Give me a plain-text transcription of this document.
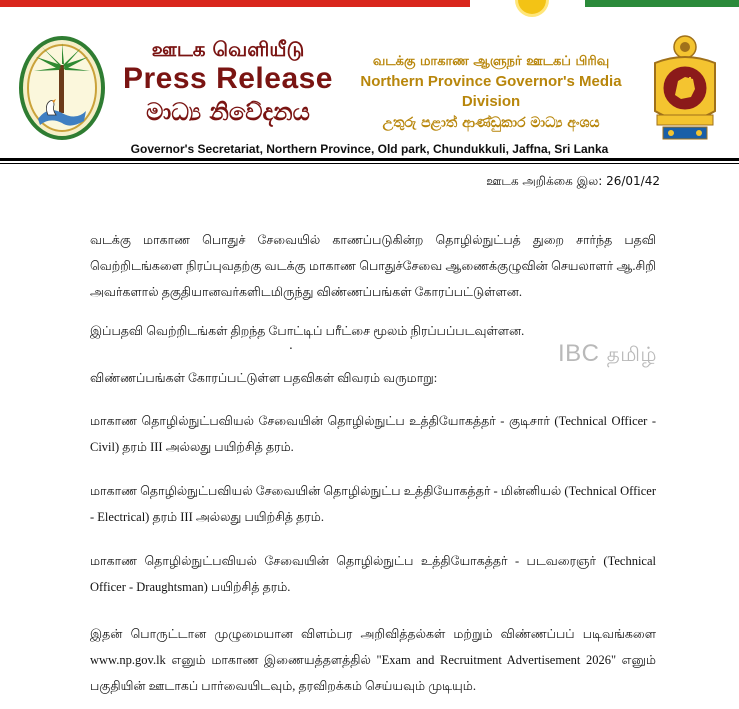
ஊடக வெளியீடு
Press Release
මාධ්‍ය නිවේදනය
வடக்கு மாகாண ஆளுநர் ஊடகப் பிரிவு
Northern Province Governor's Media Division
උතුරු පළාත් ආණ්ඩුකාර මාධ්‍ය අංශය
Governor's Secretariat, Northern Province, Old park, Chundukkuli, Jaffna, Sri Lanka
ஊடக அறிக்கை இல: 26/01/42
வடக்கு மாகாண பொதுச் சேவையில் காணப்படுகின்ற தொழில்நுட்பத் துறை சார்ந்த பதவி வெற்றிடங்களை நிரப்புவதற்கு வடக்கு மாகாண பொதுச்சேவை ஆணைக்குழுவின் செயலாளர் ஆ.சிறி அவர்களால் தகுதியானவர்களிடமிருந்து விண்ணப்பங்கள் கோரப்பட்டுள்ளன.
இப்பதவி வெற்றிடங்கள் திறந்த போட்டிப் பரீட்சை மூலம் நிரப்பப்படவுள்ளன.
.
விண்ணப்பங்கள் கோரப்பட்டுள்ள பதவிகள் விவரம் வருமாறு:
மாகாண தொழில்நுட்பவியல் சேவையின் தொழில்நுட்ப உத்தியோகத்தர் - குடிசார் (Technical Officer - Civil) தரம் III அல்லது பயிற்சித் தரம்.
மாகாண தொழில்நுட்பவியல் சேவையின் தொழில்நுட்ப உத்தியோகத்தர் - மின்னியல் (Technical Officer - Electrical) தரம் III அல்லது பயிற்சித் தரம்.
மாகாண தொழில்நுட்பவியல் சேவையின் தொழில்நுட்ப உத்தியோகத்தர் - படவரைஞர் (Technical Officer - Draughtsman) பயிற்சித் தரம்.
இதன் பொருட்டான முழுமையான விளம்பர அறிவித்தல்கள் மற்றும் விண்ணப்பப் படிவங்களை www.np.gov.lk எனும் மாகாண இணையத்தளத்தில் "Exam and Recruitment Advertisement 2026" எனும் பகுதியின் ஊடாகப் பார்வையிடவும், தரவிறக்கம் செய்யவும் முடியும்.
IBC தமிழ்
